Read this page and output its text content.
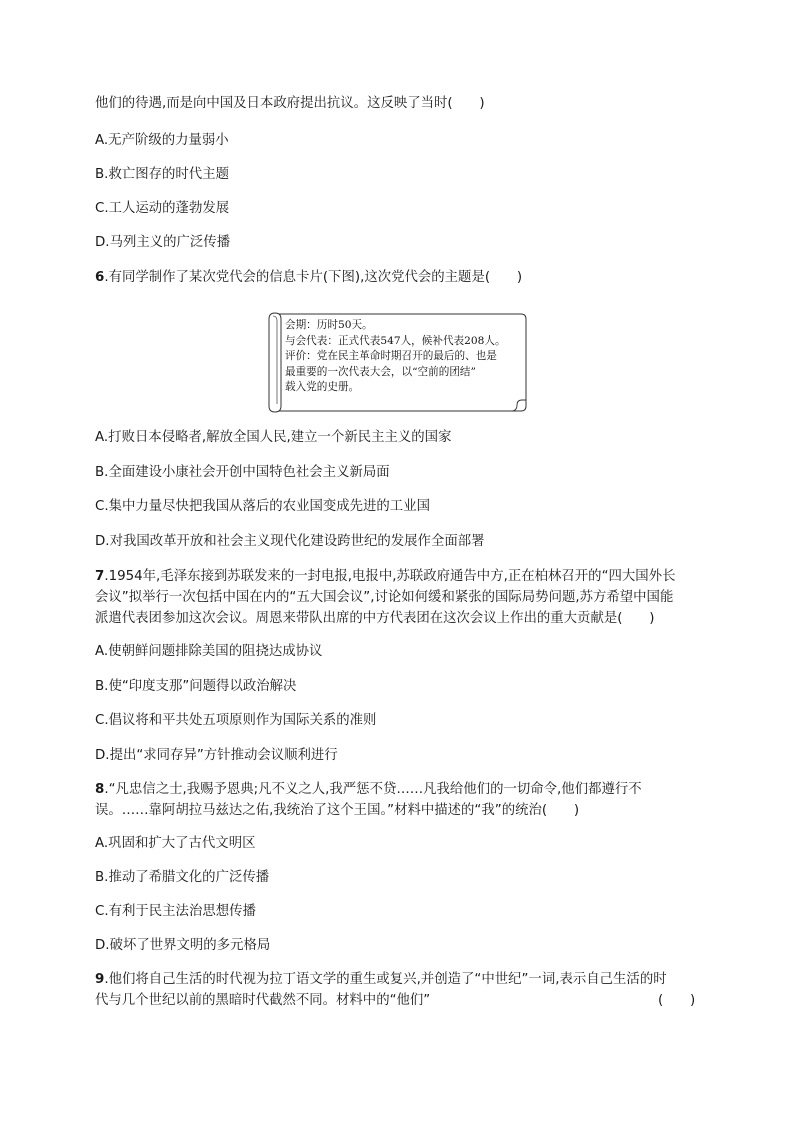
他们的待遇,而是向中国及日本政府提出抗议。这反映了当时(　　)
A.无产阶级的力量弱小
B.救亡图存的时代主题
C.工人运动的蓬勃发展
D.马列主义的广泛传播
6.有同学制作了某次党代会的信息卡片(下图),这次党代会的主题是(　　)
会期：历时50天。
与会代表：正式代表547人，候补代表208人。
评价：党在民主革命时期召开的最后的、也是
最重要的一次代表大会，以“空前的团结”
载入党的史册。
A.打败日本侵略者,解放全国人民,建立一个新民主主义的国家
B.全面建设小康社会开创中国特色社会主义新局面
C.集中力量尽快把我国从落后的农业国变成先进的工业国
D.对我国改革开放和社会主义现代化建设跨世纪的发展作全面部署
7.1954年,毛泽东接到苏联发来的一封电报,电报中,苏联政府通告中方,正在柏林召开的“四大国外长
会议”拟举行一次包括中国在内的“五大国会议”,讨论如何缓和紧张的国际局势问题,苏方希望中国能
派遣代表团参加这次会议。周恩来带队出席的中方代表团在这次会议上作出的重大贡献是(　　)
A.使朝鲜问题排除美国的阻挠达成协议
B.使“印度支那”问题得以政治解决
C.倡议将和平共处五项原则作为国际关系的准则
D.提出“求同存异”方针推动会议顺利进行
8.“凡忠信之士,我赐予恩典;凡不义之人,我严惩不贷……凡我给他们的一切命令,他们都遵行不
误。……靠阿胡拉马兹达之佑,我统治了这个王国。”材料中描述的“我”的统治(　　)
A.巩固和扩大了古代文明区
B.推动了希腊文化的广泛传播
C.有利于民主法治思想传播
D.破坏了世界文明的多元格局
9.他们将自己生活的时代视为拉丁语文学的重生或复兴,并创造了“中世纪”一词,表示自己生活的时
代与几个世纪以前的黑暗时代截然不同。材料中的“他们”	(　　)
